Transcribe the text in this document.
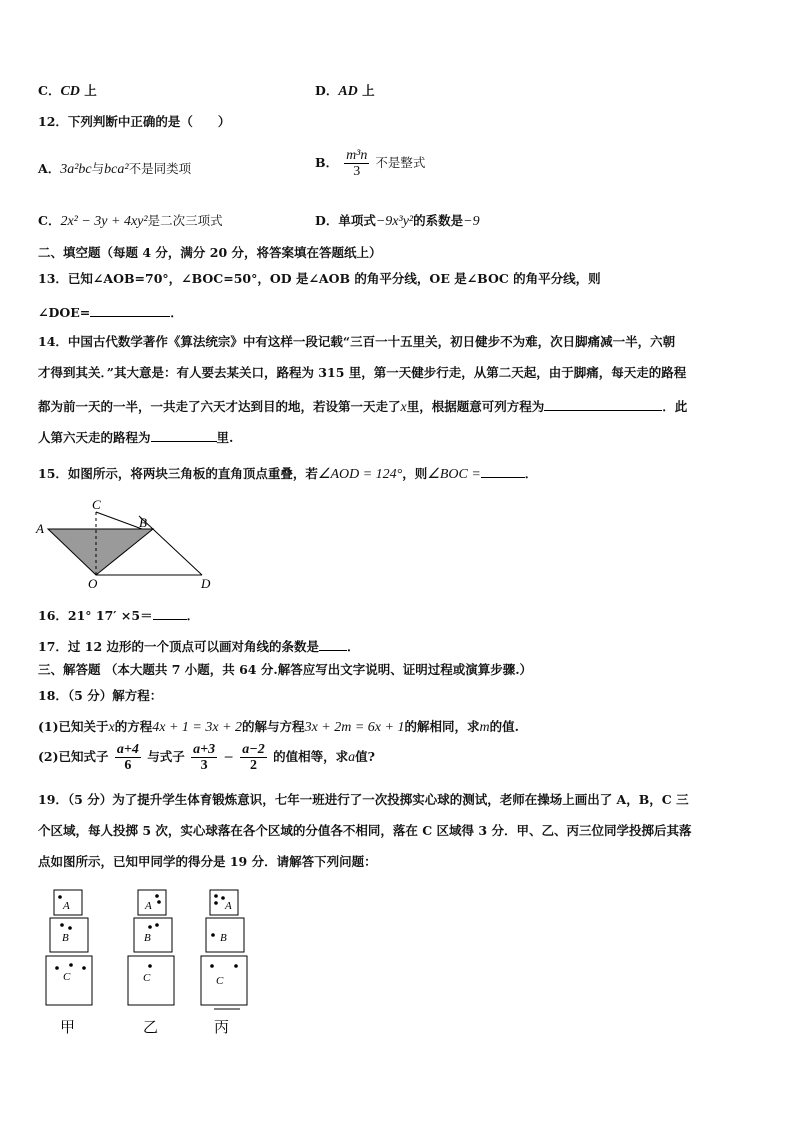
C．CD 上	D．AD 上
12．下列判断中正确的是（　　）
A．3a²bc与bca²不是同类项	B． $\frac{\text{m³n}}{3}$ 不是整式
C．2x² − 3y + 4xy²是二次三项式	D．单项式−9x³y²的系数是−9
二、填空题（每题 4 分，满分 20 分，将答案填在答题纸上）
13．已知∠AOB=70°，∠BOC=50°，OD 是∠AOB 的角平分线，OE 是∠BOC 的角平分线，则
∠DOE=	．
14．中国古代数学著作《算法统宗》中有这样一段记载“三百一十五里关，初日健步不为难，次日脚痛减一半，六朝
才得到其关．”其大意是：有人要去某关口，路程为 315 里，第一天健步行走，从第二天起，由于脚痛，每天走的路程
都为前一天的一半，一共走了六天才达到目的地，若设第一天走了x里，根据题意可列方程为	．此
人第六天走的路程为	里.
15．如图所示，将两块三角板的直角顶点重叠，若∠AOD = 124°，则∠BOC =	．
A
C
B
O	D
16．21° 17′ ×5＝	．
17．过 12 边形的一个顶点可以画对角线的条数是 ．
三、解答题 （本大题共 7 小题，共 64 分.解答应写出文字说明、证明过程或演算步骤.）
18．（5 分）解方程：
(1)已知关于x的方程4x + 1 = 3x + 2的解与方程3x + 2m = 6x + 1的解相同，求m的值.
(2)已知式子 $\frac{a+4}{6}$ 与式子 $\frac{a+3}{3} - \frac{a-2}{2}$ 的值相等，求a值?
19．（5 分）为了提升学生体育锻炼意识，七年一班进行了一次投掷实心球的测试，老师在操场上画出了 A，B，C 三
个区域，每人投掷 5 次，实心球落在各个区域的分值各不相同，落在 C 区域得 3 分．甲、乙、丙三位同学投掷后其落
点如图所示，已知甲同学的得分是 19 分．请解答下列问题：
A
B
C
A
B
C
A
B
C
甲	乙	丙
